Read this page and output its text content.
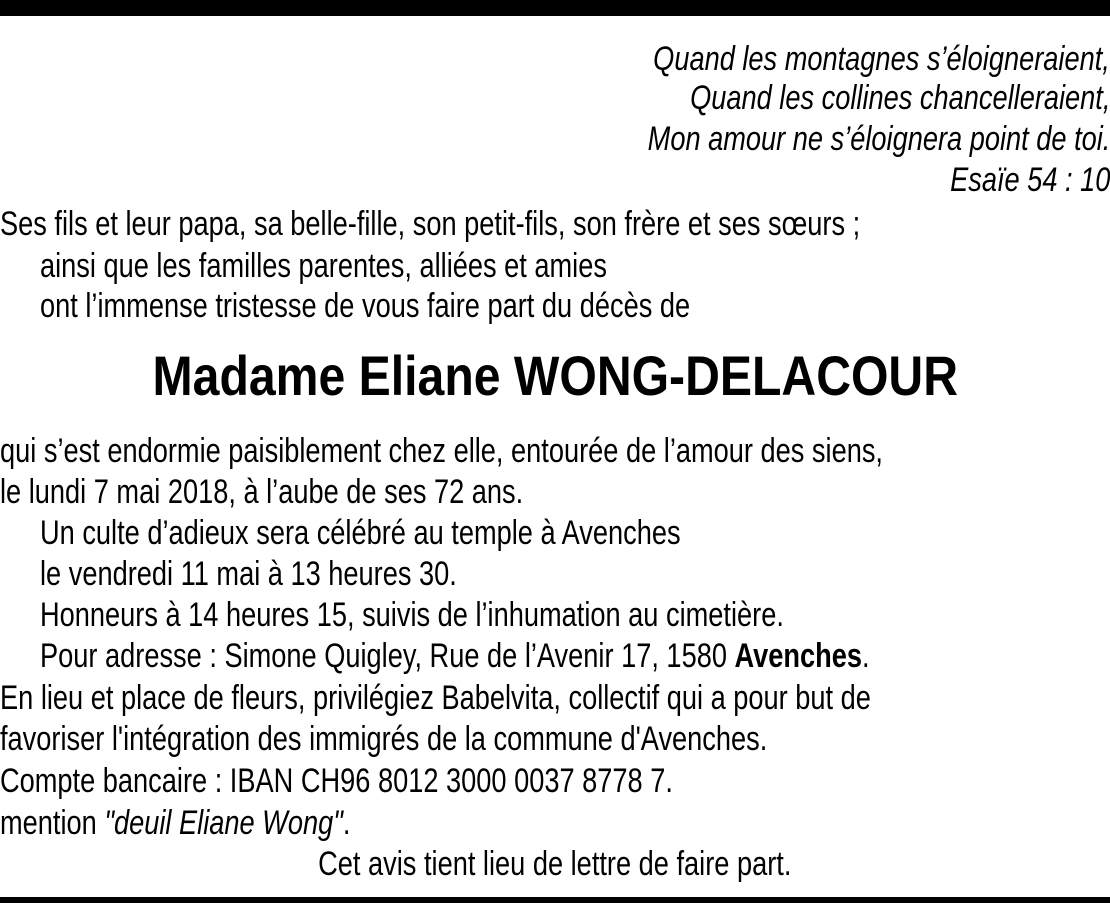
Quand les montagnes s’éloigneraient,
Quand les collines chancelleraient,
Mon amour ne s’éloignera point de toi.
Esaïe 54 : 10
Ses fils et leur papa, sa belle-fille, son petit-fils, son frère et ses sœurs ;
ainsi que les familles parentes, alliées et amies
ont l’immense tristesse de vous faire part du décès de
Madame Eliane WONG-DELACOUR
qui s’est endormie paisiblement chez elle, entourée de l’amour des siens,
le lundi 7 mai 2018, à l’aube de ses 72 ans.
Un culte d’adieux sera célébré au temple à Avenches
le vendredi 11 mai à 13 heures 30.
Honneurs à 14 heures 15, suivis de l’inhumation au cimetière.
Pour adresse : Simone Quigley, Rue de l’Avenir 17, 1580 Avenches.
En lieu et place de fleurs, privilégiez Babelvita, collectif qui a pour but de
favoriser l'intégration des immigrés de la commune d'Avenches.
Compte bancaire : IBAN CH96 8012 3000 0037 8778 7.
mention "deuil Eliane Wong".
Cet avis tient lieu de lettre de faire part.
